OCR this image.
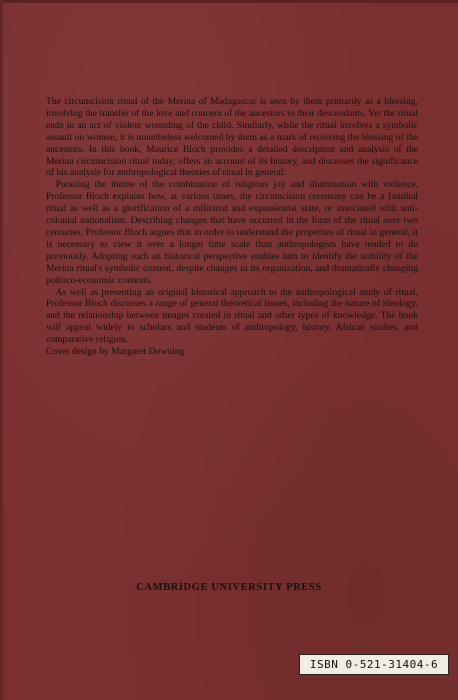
The circumcision ritual of the Merina of Madagascar is seen by them primarily as a blessing, involving the transfer of the love and concern of the ancestors to their descendants. Yet the ritual ends in an act of violent wounding of the child. Similarly, while the ritual involves a symbolic assault on women, it is nonetheless welcomed by them as a mark of receiving the blessing of the ancestors. In this book, Maurice Bloch provides a detailed description and analysis of the Merina circumcision ritual today, offers an account of its history, and discusses the significance of his analysis for anthropological theories of ritual in general.

Pursuing the theme of the combination of religious joy and illumination with violence, Professor Bloch explains how, at various times, the circumcision ceremony can be a familial ritual as well as a glorification of a militarist and expansionist state, or associated with anti-colonial nationalism. Describing changes that have occurred in the form of the ritual over two centuries, Professor Bloch argues that in order to understand the properties of ritual in general, it is necessary to view it over a longer time scale than anthropologists have tended to do previously. Adopting such an historical perspective enables him to identify the stability of the Merina ritual's symbolic content, despite changes in its organization, and dramatically changing politico-economic contexts.

As well as presenting an original historical approach to the anthropological study of ritual, Professor Bloch discusses a range of general theoretical issues, including the nature of ideology, and the relationship between images created in ritual and other types of knowledge. The book will appeal widely to scholars and students of anthropology, history, African studies, and comparative religion.

Cover design by Margaret Downing

CAMBRIDGE UNIVERSITY PRESS
ISBN 0-521-31404-6
